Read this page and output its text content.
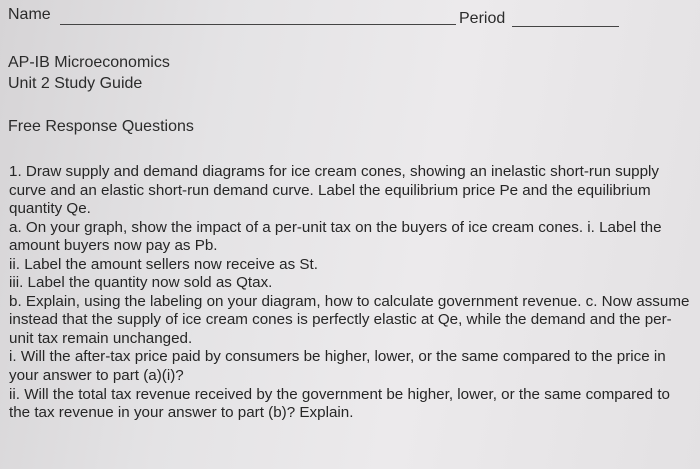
Name	Period
AP-IB Microeconomics
Unit 2 Study Guide
Free Response Questions

1. Draw supply and demand diagrams for ice cream cones, showing an inelastic short-run supply curve and an elastic short-run demand curve. Label the equilibrium price Pe and the equilibrium quantity Qe.

a. On your graph, show the impact of a per-unit tax on the buyers of ice cream cones. i. Label the amount buyers now pay as Pb.

ii. Label the amount sellers now receive as St.

iii. Label the quantity now sold as Qtax.

b. Explain, using the labeling on your diagram, how to calculate government revenue. c. Now assume instead that the supply of ice cream cones is perfectly elastic at Qe, while the demand and the per-unit tax remain unchanged.

i. Will the after-tax price paid by consumers be higher, lower, or the same compared to the price in your answer to part (a)(i)?

ii. Will the total tax revenue received by the government be higher, lower, or the same compared to the tax revenue in your answer to part (b)? Explain.
